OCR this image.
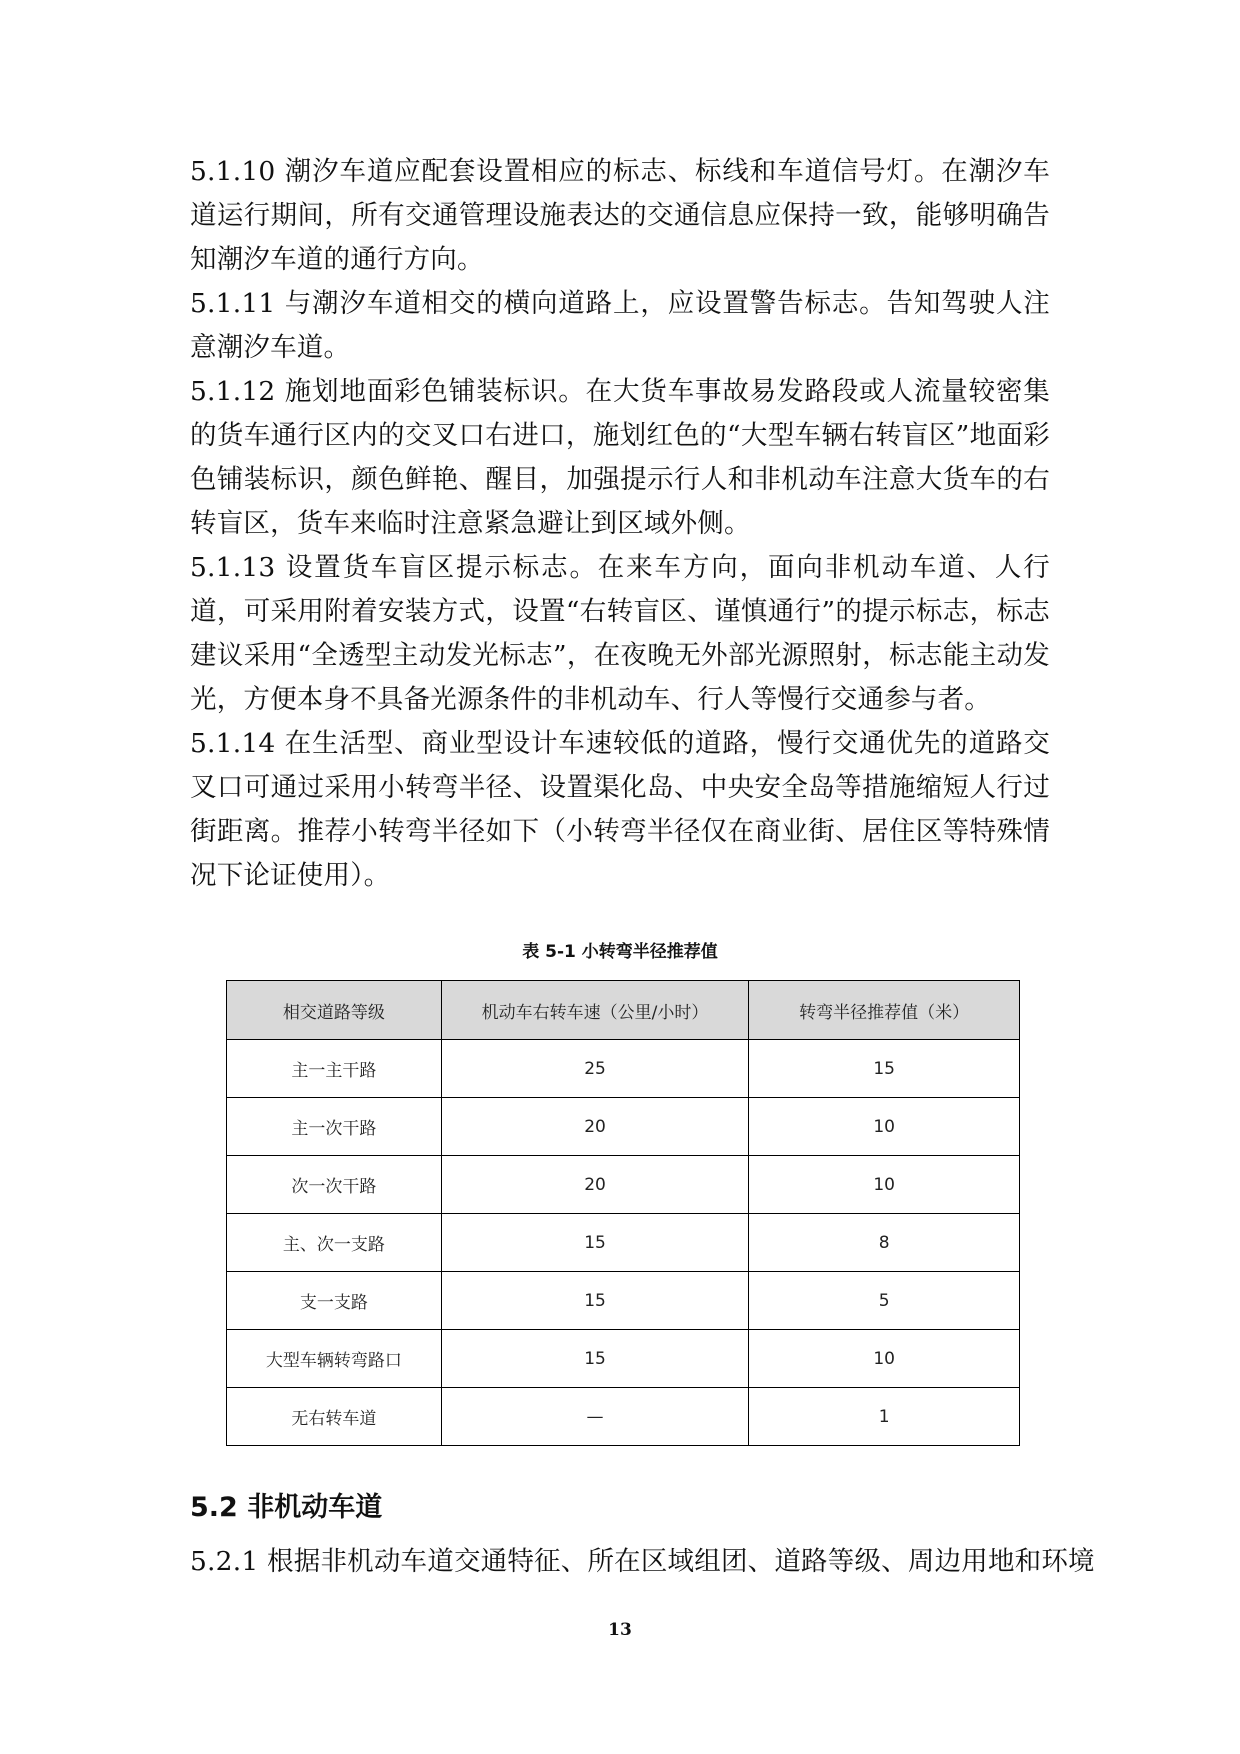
5.1.10 潮汐车道应配套设置相应的标志、标线和车道信号灯。在潮汐车道运行期间，所有交通管理设施表达的交通信息应保持一致，能够明确告知潮汐车道的通行方向。

5.1.11 与潮汐车道相交的横向道路上，应设置警告标志。告知驾驶人注意潮汐车道。

5.1.12 施划地面彩色铺装标识。在大货车事故易发路段或人流量较密集的货车通行区内的交叉口右进口，施划红色的“大型车辆右转盲区”地面彩色铺装标识，颜色鲜艳、醒目，加强提示行人和非机动车注意大货车的右转盲区，货车来临时注意紧急避让到区域外侧。

5.1.13 设置货车盲区提示标志。在来车方向，面向非机动车道、人行道，可采用附着安装方式，设置“右转盲区、谨慎通行”的提示标志，标志建议采用“全透型主动发光标志”，在夜晚无外部光源照射，标志能主动发光，方便本身不具备光源条件的非机动车、行人等慢行交通参与者。

5.1.14 在生活型、商业型设计车速较低的道路，慢行交通优先的道路交叉口可通过采用小转弯半径、设置渠化岛、中央安全岛等措施缩短人行过街距离。推荐小转弯半径如下（小转弯半径仅在商业街、居住区等特殊情况下论证使用）。

表 5-1 小转弯半径推荐值
相交道路等级	机动车右转车速（公里/小时）	转弯半径推荐值（米）
主一主干路	25	15
主一次干路	20	10
次一次干路	20	10
主、次一支路	15	8
支一支路	15	5
大型车辆转弯路口	15	10
无右转车道	—	1
5.2 非机动车道
5.2.1 根据非机动车道交通特征、所在区域组团、道路等级、周边用地和环境
13
